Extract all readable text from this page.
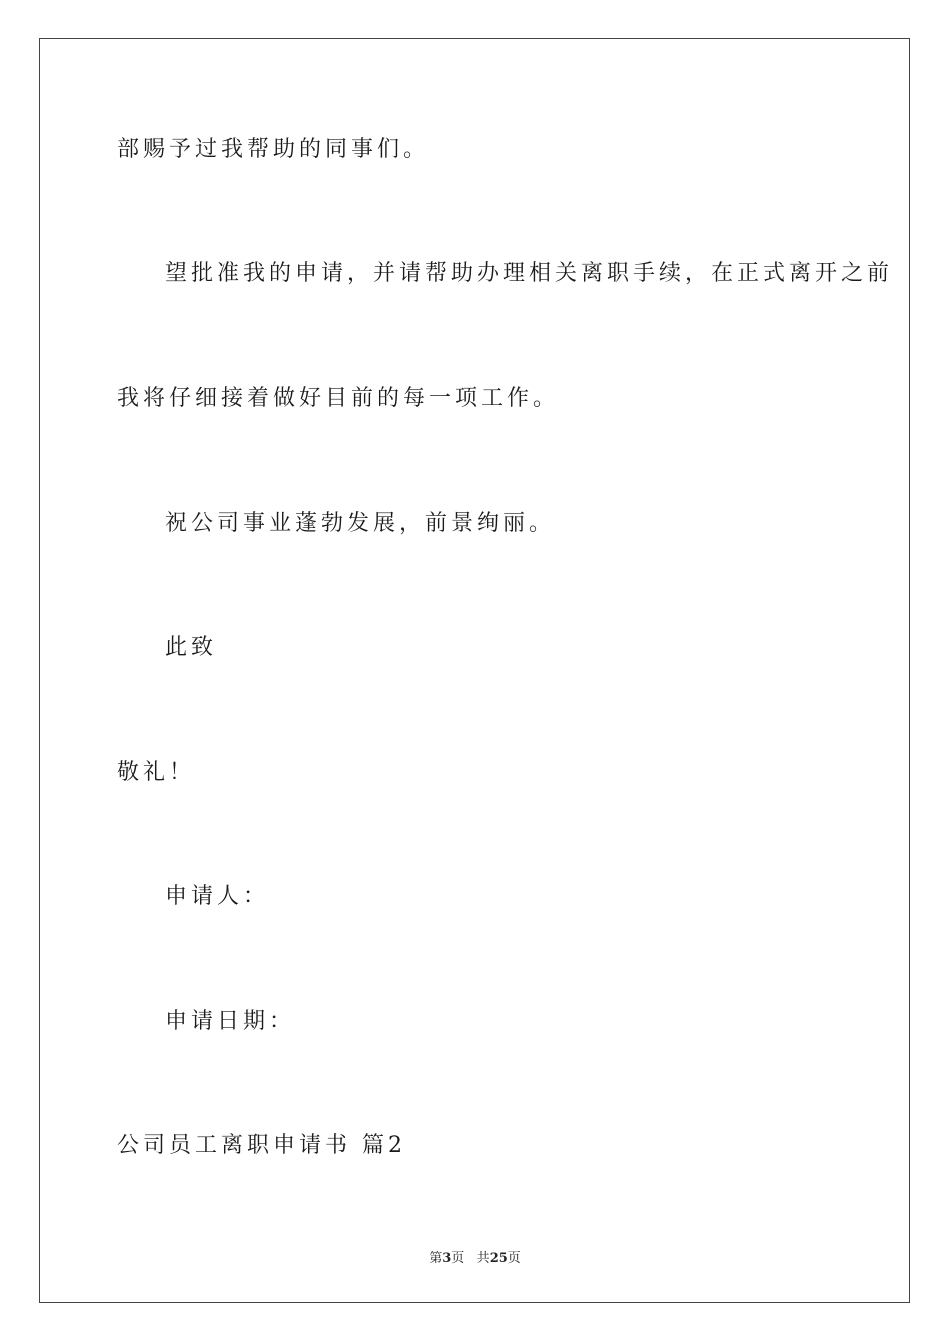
部赐予过我帮助的同事们。
望批准我的申请，并请帮助办理相关离职手续，在正式离开之前
我将仔细接着做好目前的每一项工作。
祝公司事业蓬勃发展，前景绚丽。
此致
敬礼！
申请人：
申请日期：
公司员工离职申请书 篇2
第3页 共25页
